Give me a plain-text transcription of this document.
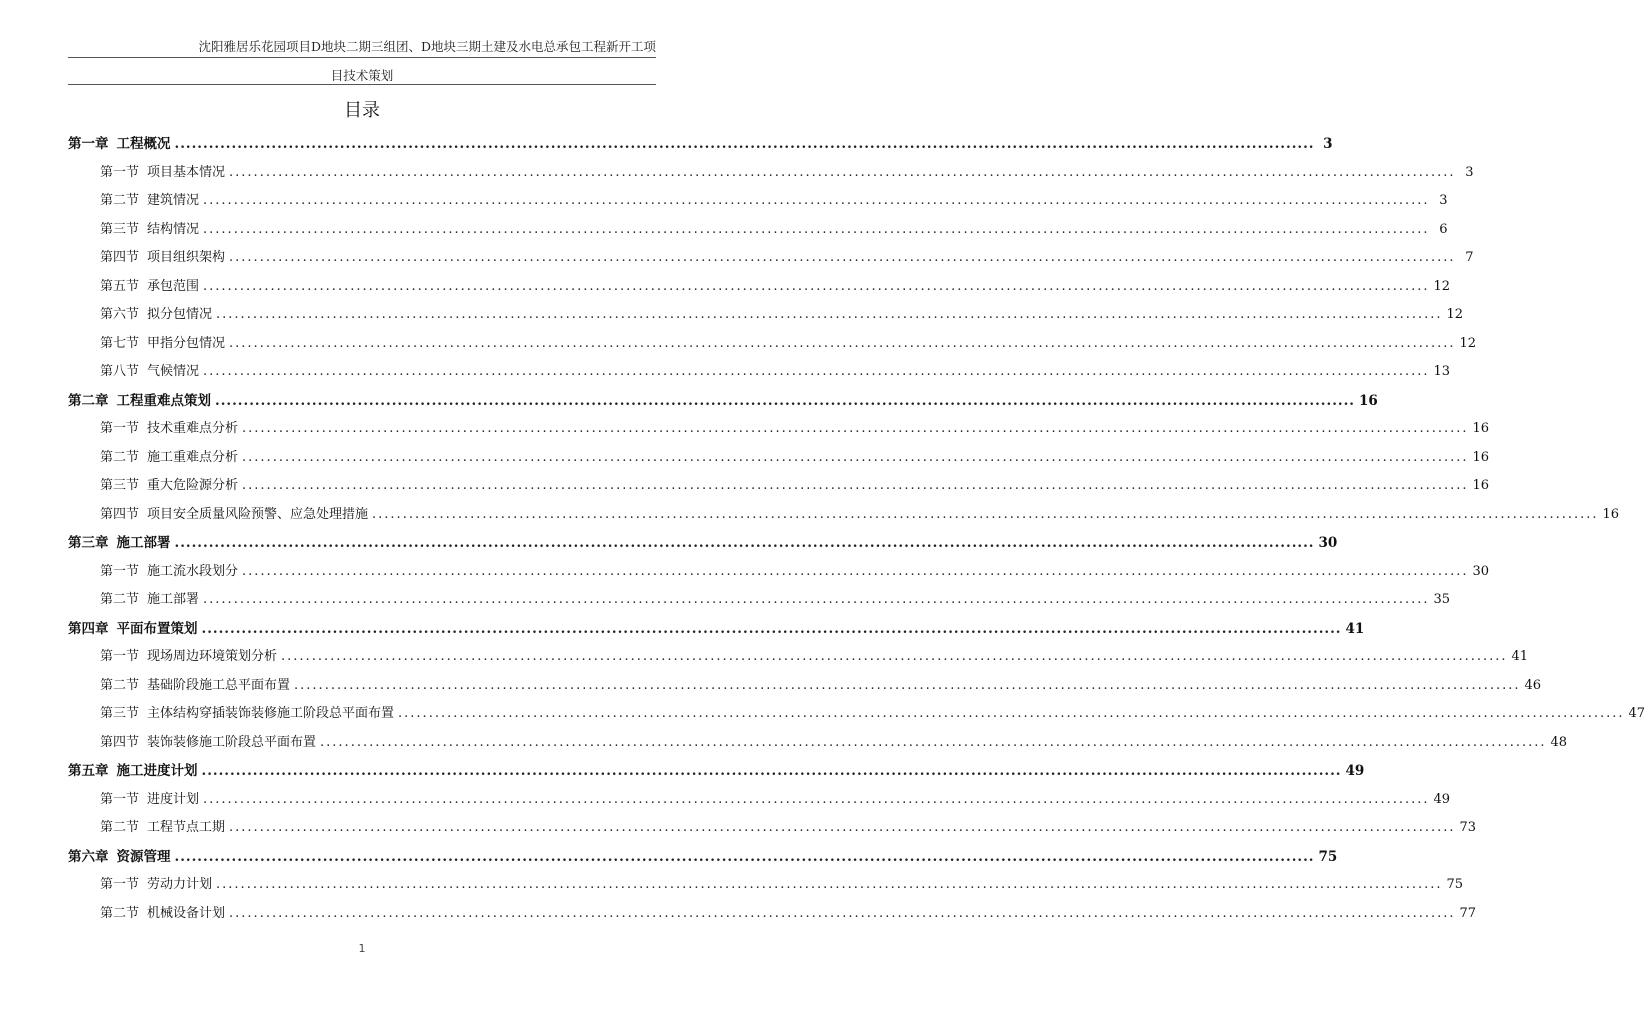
沈阳雅居乐花园项目D地块二期三组团、D地块三期土建及水电总承包工程新开工项
目技术策划
目录
第一章 工程概况 ........................................................................................................................................................................................................ 3
第一节 项目基本情况 ........................................................................................................................................................................................................ 3
第二节 建筑情况 ........................................................................................................................................................................................................ 3
第三节 结构情况 ........................................................................................................................................................................................................ 6
第四节 项目组织架构 ........................................................................................................................................................................................................ 7
第五节 承包范围 ........................................................................................................................................................................................................ 12
第六节 拟分包情况 ........................................................................................................................................................................................................ 12
第七节 甲指分包情况 ........................................................................................................................................................................................................ 12
第八节 气候情况 ........................................................................................................................................................................................................ 13
第二章 工程重难点策划 ........................................................................................................................................................................................................ 16
第一节 技术重难点分析 ........................................................................................................................................................................................................ 16
第二节 施工重难点分析 ........................................................................................................................................................................................................ 16
第三节 重大危险源分析 ........................................................................................................................................................................................................ 16
第四节 项目安全质量风险预警、应急处理措施 ........................................................................................................................................................................................................ 16
第三章 施工部署 ........................................................................................................................................................................................................ 30
第一节 施工流水段划分 ........................................................................................................................................................................................................ 30
第二节 施工部署 ........................................................................................................................................................................................................ 35
第四章 平面布置策划 ........................................................................................................................................................................................................ 41
第一节 现场周边环境策划分析 ........................................................................................................................................................................................................ 41
第二节 基础阶段施工总平面布置 ........................................................................................................................................................................................................ 46
第三节 主体结构穿插装饰装修施工阶段总平面布置 ........................................................................................................................................................................................................ 47
第四节 装饰装修施工阶段总平面布置 ........................................................................................................................................................................................................ 48
第五章 施工进度计划 ........................................................................................................................................................................................................ 49
第一节 进度计划 ........................................................................................................................................................................................................ 49
第二节 工程节点工期 ........................................................................................................................................................................................................ 73
第六章 资源管理 ........................................................................................................................................................................................................ 75
第一节 劳动力计划 ........................................................................................................................................................................................................ 75
第二节 机械设备计划 ........................................................................................................................................................................................................ 77
1
